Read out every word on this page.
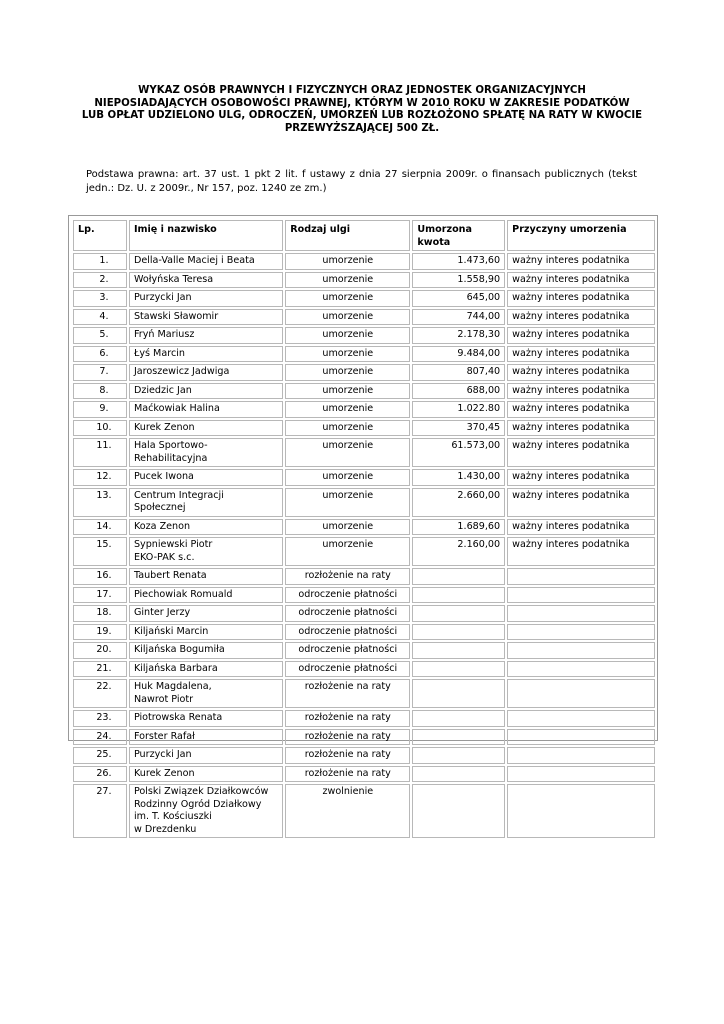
WYKAZ OSÓB PRAWNYCH I FIZYCZNYCH ORAZ JEDNOSTEK ORGANIZACYJNYCH
NIEPOSIADAJĄCYCH OSOBOWOŚCI PRAWNEJ, KTÓRYM W 2010 ROKU W ZAKRESIE PODATKÓW
LUB OPŁAT UDZIELONO ULG, ODROCZEŃ, UMORZEŃ LUB ROZŁOŻONO SPŁATĘ NA RATY W KWOCIE
PRZEWYŻSZAJĄCEJ 500 ZŁ.
Podstawa prawna: art. 37 ust. 1 pkt 2 lit. f ustawy z dnia 27 sierpnia 2009r. o finansach publicznych (tekst jedn.: Dz. U. z 2009r., Nr 157, poz. 1240 ze zm.)
Lp.	Imię i nazwisko	Rodzaj ulgi	Umorzona
kwota	Przyczyny umorzenia
1.	Della-Valle Maciej i Beata	umorzenie	1.473,60	ważny interes podatnika
2.	Wołyńska Teresa	umorzenie	1.558,90	ważny interes podatnika
3.	Purzycki Jan	umorzenie	645,00	ważny interes podatnika
4.	Stawski Sławomir	umorzenie	744,00	ważny interes podatnika
5.	Fryń Mariusz	umorzenie	2.178,30	ważny interes podatnika
6.	Łyś Marcin	umorzenie	9.484,00	ważny interes podatnika
7.	Jaroszewicz Jadwiga	umorzenie	807,40	ważny interes podatnika
8.	Dziedzic Jan	umorzenie	688,00	ważny interes podatnika
9.	Maćkowiak Halina	umorzenie	1.022.80	ważny interes podatnika
10.	Kurek Zenon	umorzenie	370,45	ważny interes podatnika
11.	Hala Sportowo-
Rehabilitacyjna	umorzenie	61.573,00	ważny interes podatnika
12.	Pucek Iwona	umorzenie	1.430,00	ważny interes podatnika
13.	Centrum Integracji
Społecznej	umorzenie	2.660,00	ważny interes podatnika
14.	Koza Zenon	umorzenie	1.689,60	ważny interes podatnika
15.	Sypniewski Piotr
EKO-PAK s.c.	umorzenie	2.160,00	ważny interes podatnika
16.	Taubert Renata	rozłożenie na raty		
17.	Piechowiak Romuald	odroczenie płatności		
18.	Ginter Jerzy	odroczenie płatności		
19.	Kiljański Marcin	odroczenie płatności		
20.	Kiljańska Bogumiła	odroczenie płatności		
21.	Kiljańska Barbara	odroczenie płatności		
22.	Huk Magdalena,
Nawrot Piotr	rozłożenie na raty		
23.	Piotrowska Renata	rozłożenie na raty		
24.	Forster Rafał	rozłożenie na raty		
25.	Purzycki Jan	rozłożenie na raty		
26.	Kurek Zenon	rozłożenie na raty		
27.	Polski Związek Działkowców
Rodzinny Ogród Działkowy
im. T. Kościuszki
w Drezdenku	zwolnienie		
